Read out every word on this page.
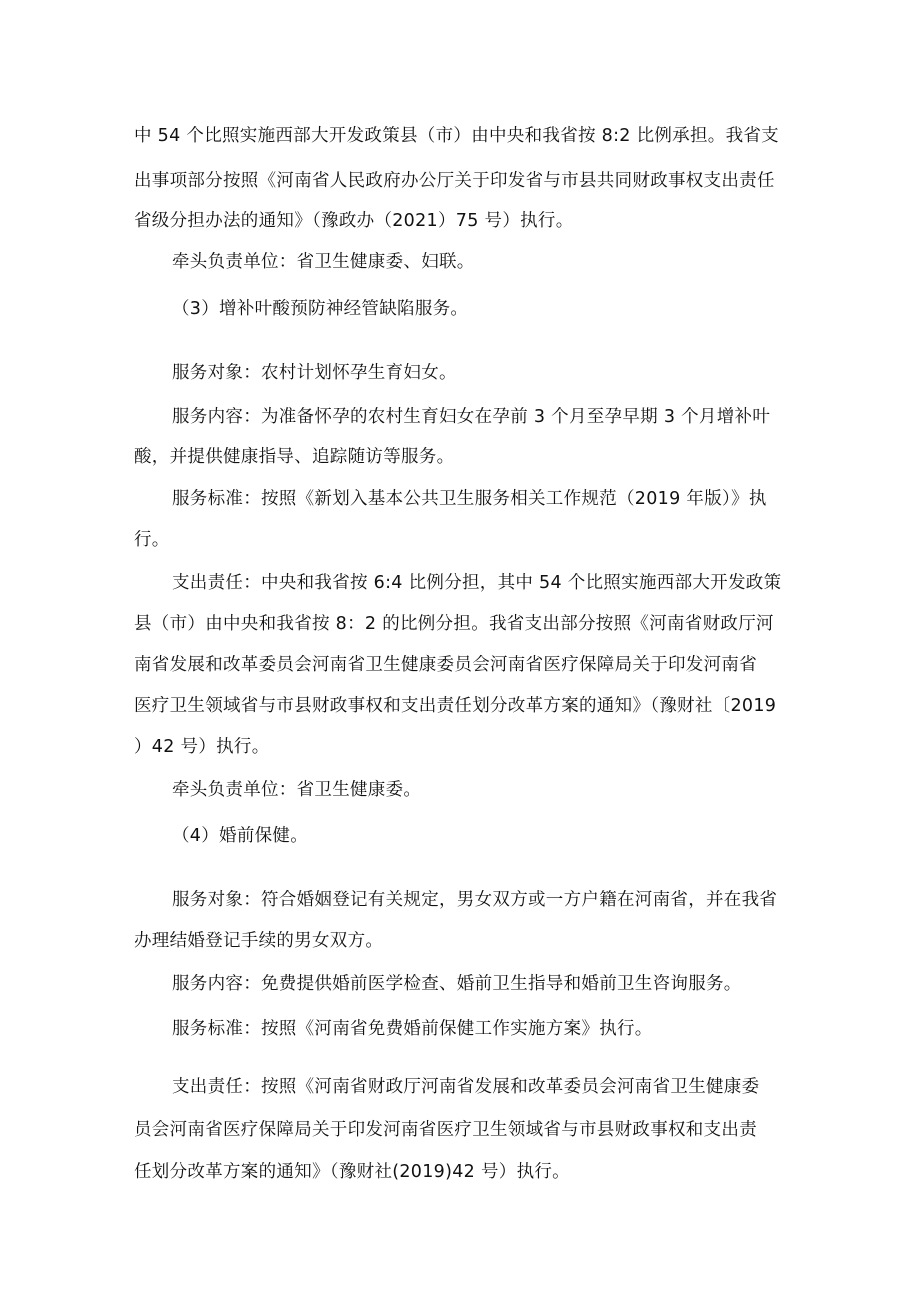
中 54 个比照实施西部大开发政策县（市）由中央和我省按 8:2 比例承担。我省支
出事项部分按照《河南省人民政府办公厅关于印发省与市县共同财政事权支出责任
省级分担办法的通知》（豫政办（2021）75 号）执行。
牵头负责单位：省卫生健康委、妇联。
（3）增补叶酸预防神经管缺陷服务。
服务对象：农村计划怀孕生育妇女。
服务内容：为准备怀孕的农村生育妇女在孕前 3 个月至孕早期 3 个月增补叶
酸，并提供健康指导、追踪随访等服务。
服务标准：按照《新划入基本公共卫生服务相关工作规范（2019 年版）》执
行。
支出责任：中央和我省按 6:4 比例分担，其中 54 个比照实施西部大开发政策
县（市）由中央和我省按 8：2 的比例分担。我省支出部分按照《河南省财政厅河
南省发展和改革委员会河南省卫生健康委员会河南省医疗保障局关于印发河南省
医疗卫生领域省与市县财政事权和支出责任划分改革方案的通知》（豫财社〔2019
）42 号）执行。
牵头负责单位：省卫生健康委。
（4）婚前保健。
服务对象：符合婚姻登记有关规定，男女双方或一方户籍在河南省，并在我省
办理结婚登记手续的男女双方。
服务内容：免费提供婚前医学检查、婚前卫生指导和婚前卫生咨询服务。
服务标准：按照《河南省免费婚前保健工作实施方案》执行。
支出责任：按照《河南省财政厅河南省发展和改革委员会河南省卫生健康委
员会河南省医疗保障局关于印发河南省医疗卫生领域省与市县财政事权和支出责
任划分改革方案的通知》（豫财社(2019)42 号）执行。
